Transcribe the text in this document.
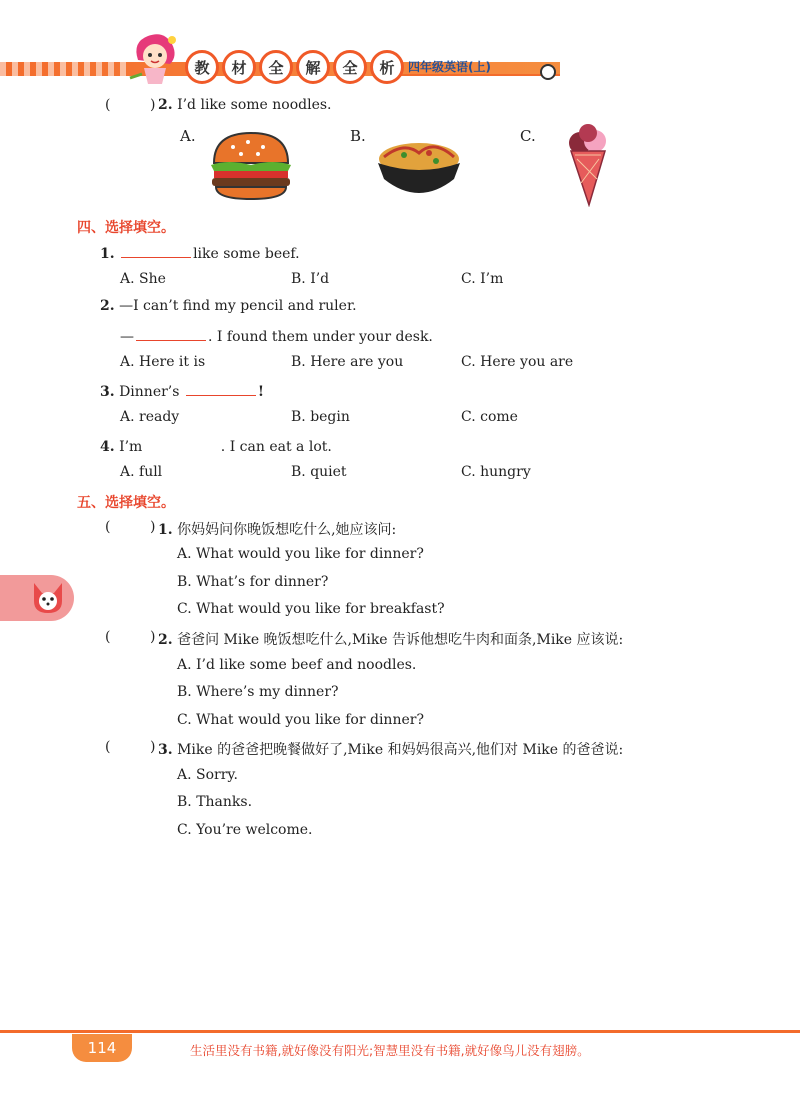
教	材	全	解	全	析	四年级英语(上)
(	) 2. I’d like some noodles.
A.	B.	C.
四、选择填空。
1.	like some beef.
A. She	B. I’d	C. I’m
2. —I can’t find my pencil and ruler.
—	. I found them under your desk.
A. Here it is	B. Here are you	C. Here you are
3. Dinner’s	!
A. ready	B. begin	C. come
4. I’m	. I can eat a lot.
A. full	B. quiet	C. hungry
五、选择填空。
(	) 1. 你妈妈问你晚饭想吃什么,她应该问:
A. What would you like for dinner?
B. What’s for dinner?
C. What would you like for breakfast?
(	) 2. 爸爸问 Mike 晚饭想吃什么,Mike 告诉他想吃牛肉和面条,Mike 应该说:
A. I’d like some beef and noodles.
B. Where’s my dinner?
C. What would you like for dinner?
(	) 3. Mike 的爸爸把晚餐做好了,Mike 和妈妈很高兴,他们对 Mike 的爸爸说:
A. Sorry.
B. Thanks.
C. You’re welcome.
114	生活里没有书籍,就好像没有阳光;智慧里没有书籍,就好像鸟儿没有翅膀。
